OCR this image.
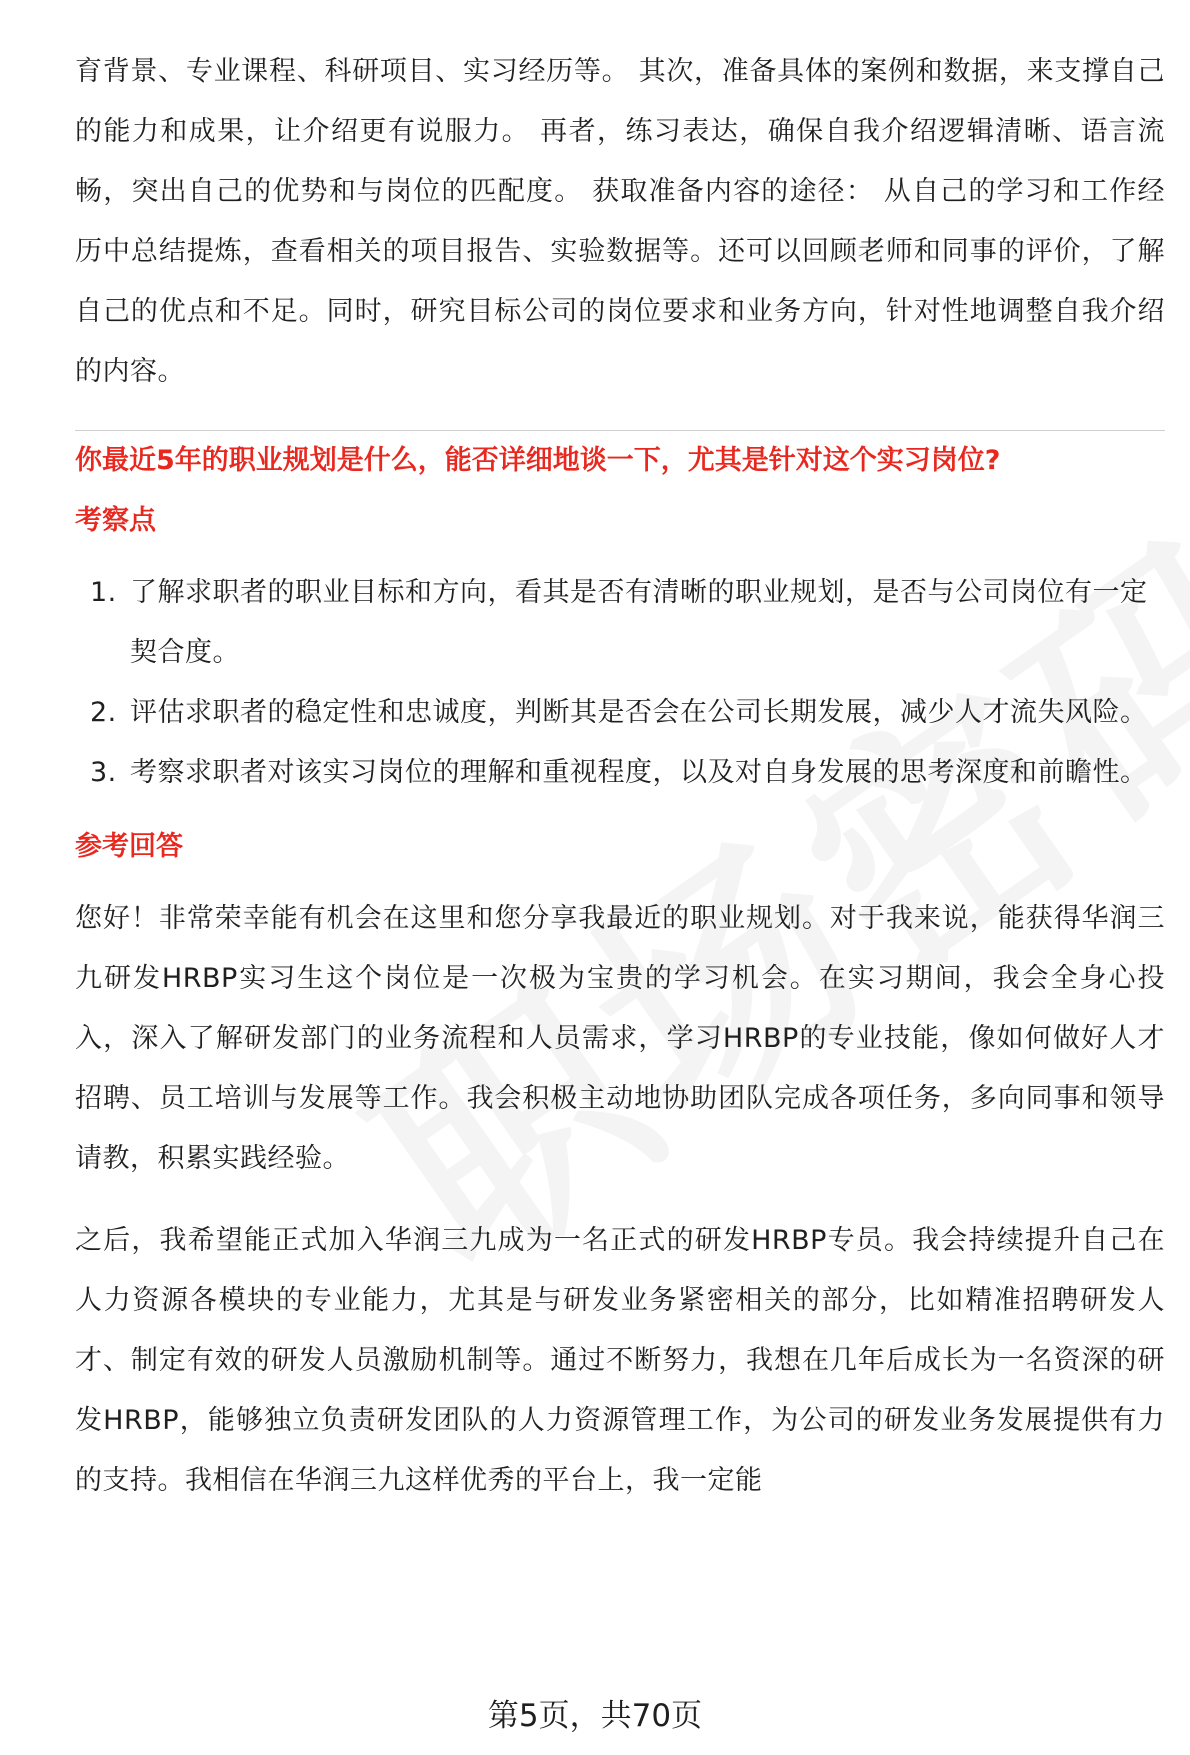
育背景、专业课程、科研项目、实习经历等。 其次，准备具体的案例和数据，来支撑自己的能力和成果，让介绍更有说服力。 再者，练习表达，确保自我介绍逻辑清晰、语言流畅，突出自己的优势和与岗位的匹配度。 获取准备内容的途径： 从自己的学习和工作经历中总结提炼，查看相关的项目报告、实验数据等。还可以回顾老师和同事的评价，了解自己的优点和不足。同时，研究目标公司的岗位要求和业务方向，针对性地调整自我介绍的内容。

你最近5年的职业规划是什么，能否详细地谈一下，尤其是针对这个实习岗位?

考察点

1. 了解求职者的职业目标和方向，看其是否有清晰的职业规划，是否与公司岗位有一定契合度。
2. 评估求职者的稳定性和忠诚度，判断其是否会在公司长期发展，减少人才流失风险。
3. 考察求职者对该实习岗位的理解和重视程度，以及对自身发展的思考深度和前瞻性。

参考回答

您好！非常荣幸能有机会在这里和您分享我最近的职业规划。对于我来说，能获得华润三九研发HRBP实习生这个岗位是一次极为宝贵的学习机会。在实习期间，我会全身心投入，深入了解研发部门的业务流程和人员需求，学习HRBP的专业技能，像如何做好人才招聘、员工培训与发展等工作。我会积极主动地协助团队完成各项任务，多向同事和领导请教，积累实践经验。

之后，我希望能正式加入华润三九成为一名正式的研发HRBP专员。我会持续提升自己在人力资源各模块的专业能力，尤其是与研发业务紧密相关的部分，比如精准招聘研发人才、制定有效的研发人员激励机制等。通过不断努力，我想在几年后成长为一名资深的研发HRBP，能够独立负责研发团队的人力资源管理工作，为公司的研发业务发展提供有力的支持。我相信在华润三九这样优秀的平台上，我一定能

第5页，共70页
